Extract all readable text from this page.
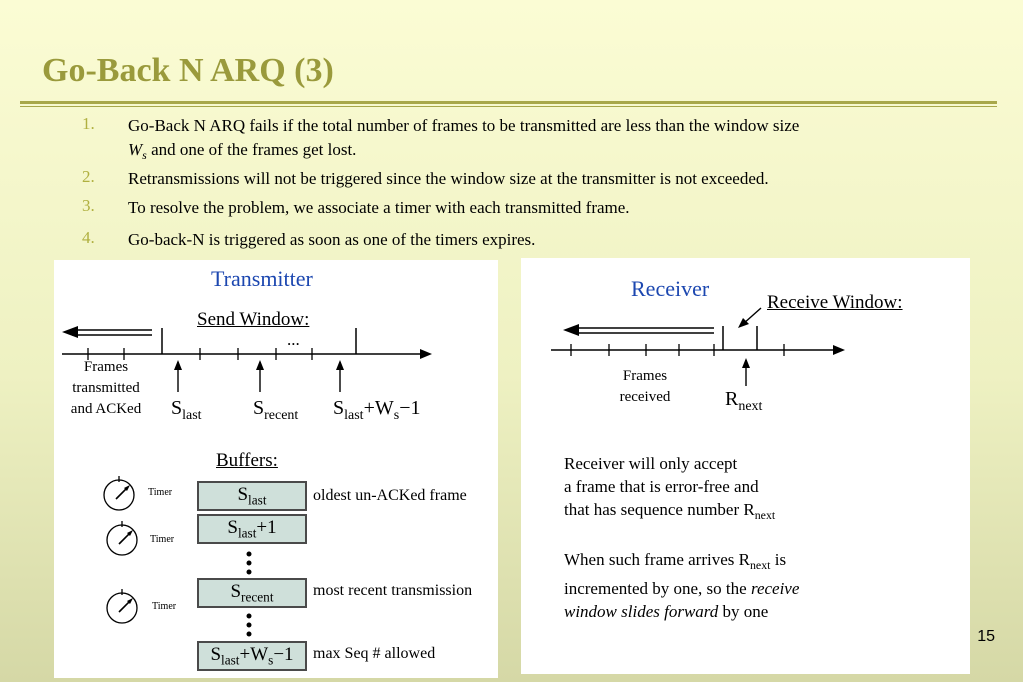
Go-Back N ARQ (3)
1. Go-Back N ARQ fails if the total number of frames to be transmitted are less than the window size
$W_s$ and one of the frames get lost.
2. Retransmissions will not be triggered since the window size at the transmitter is not exceeded.
3. To resolve the problem, we associate a timer with each transmitted frame.
4. Go-back-N is triggered as soon as one of the timers expires.
Transmitter
Send Window:
...
Frames
transmitted
and ACKed	$S_{last}$	$S_{recent}$ $S_{last}+W_s-1$
Buffers:
Timer
Timer
Timer
$S_{last}$	oldest un-ACKed frame
$S_{last}+1$
$S_{recent}$	most recent transmission
$S_{last}+W_s-1$	max Seq # allowed
Receiver
Receive Window:
Frames
received	$R_{next}$
Receiver will only accept
a frame that is error-free and
that has sequence number $R_{next}$
When such frame arrives $R_{next}$ is
incremented by one, so the receive
window slides forward by one
15
